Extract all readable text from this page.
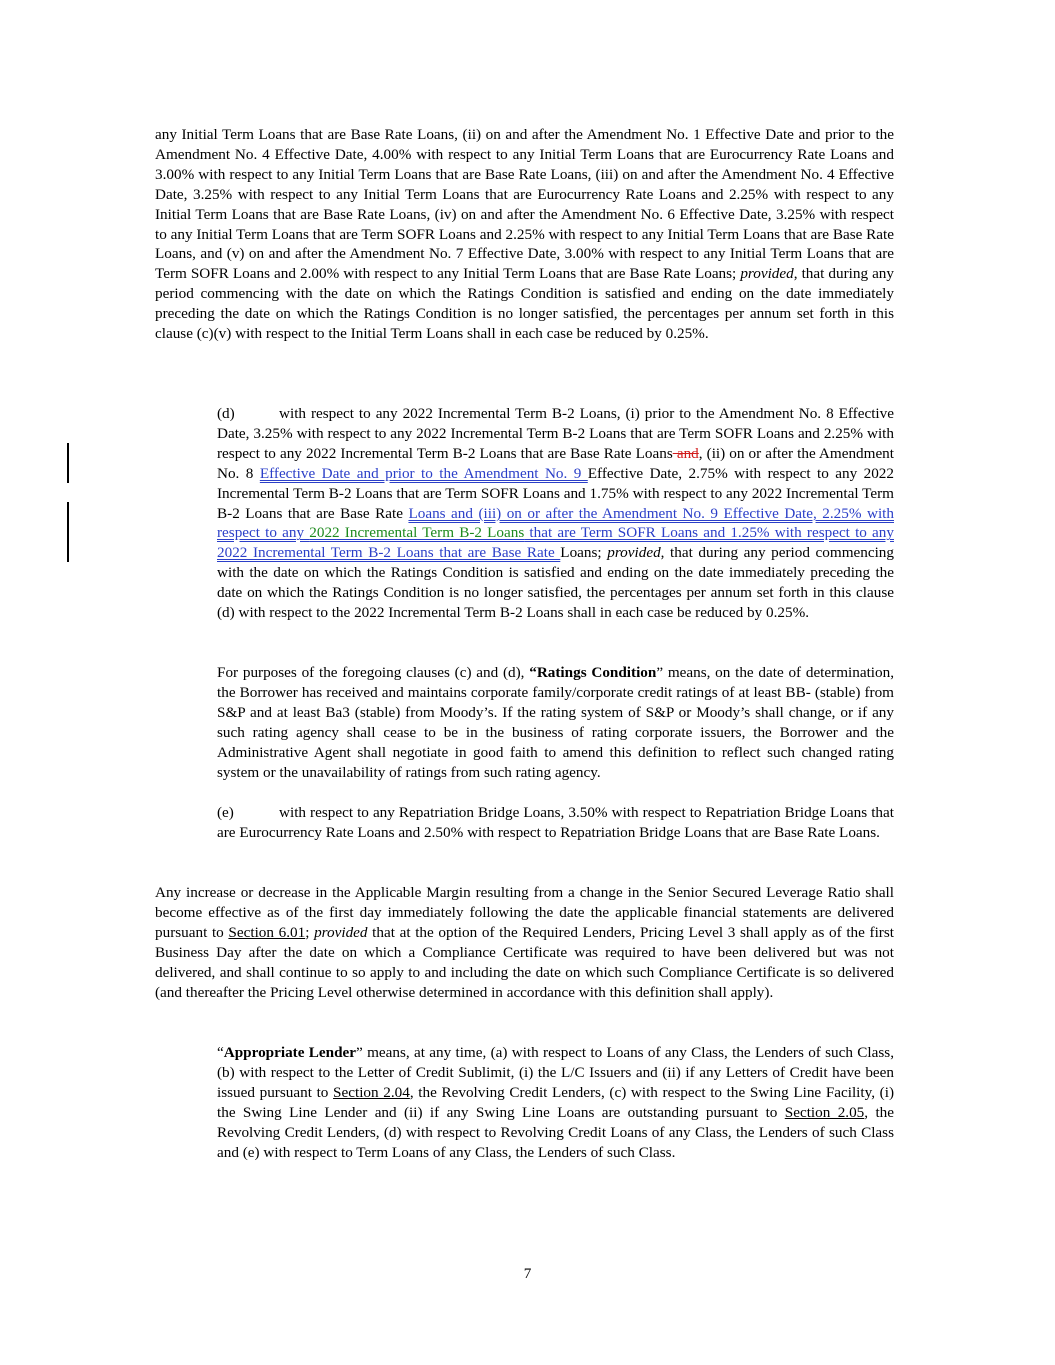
any Initial Term Loans that are Base Rate Loans, (ii) on and after the Amendment No. 1 Effective Date and prior to the Amendment No. 4 Effective Date, 4.00% with respect to any Initial Term Loans that are Eurocurrency Rate Loans and 3.00% with respect to any Initial Term Loans that are Base Rate Loans, (iii) on and after the Amendment No. 4 Effective Date, 3.25% with respect to any Initial Term Loans that are Eurocurrency Rate Loans and 2.25% with respect to any Initial Term Loans that are Base Rate Loans, (iv) on and after the Amendment No. 6 Effective Date, 3.25% with respect to any Initial Term Loans that are Term SOFR Loans and 2.25% with respect to any Initial Term Loans that are Base Rate Loans, and (v) on and after the Amendment No. 7 Effective Date, 3.00% with respect to any Initial Term Loans that are Term SOFR Loans and 2.00% with respect to any Initial Term Loans that are Base Rate Loans; provided, that during any period commencing with the date on which the Ratings Condition is satisfied and ending on the date immediately preceding the date on which the Ratings Condition is no longer satisfied, the percentages per annum set forth in this clause (c)(v) with respect to the Initial Term Loans shall in each case be reduced by 0.25%.

(d)	with respect to any 2022 Incremental Term B-2 Loans, (i) prior to the Amendment No. 8 Effective Date, 3.25% with respect to any 2022 Incremental Term B-2 Loans that are Term SOFR Loans and 2.25% with respect to any 2022 Incremental Term B-2 Loans that are Base Rate Loans and, (ii) on or after the Amendment No. 8 Effective Date and prior to the Amendment No. 9 Effective Date, 2.75% with respect to any 2022 Incremental Term B-2 Loans that are Term SOFR Loans and 1.75% with respect to any 2022 Incremental Term B-2 Loans that are Base Rate Loans and (iii) on or after the Amendment No. 9 Effective Date, 2.25% with respect to any 2022 Incremental Term B-2 Loans that are Term SOFR Loans and 1.25% with respect to any 2022 Incremental Term B-2 Loans that are Base Rate Loans; provided, that during any period commencing with the date on which the Ratings Condition is satisfied and ending on the date immediately preceding the date on which the Ratings Condition is no longer satisfied, the percentages per annum set forth in this clause (d) with respect to the 2022 Incremental Term B-2 Loans shall in each case be reduced by 0.25%.

For purposes of the foregoing clauses (c) and (d), “Ratings Condition” means, on the date of determination, the Borrower has received and maintains corporate family/corporate credit ratings of at least BB- (stable) from S&P and at least Ba3 (stable) from Moody’s. If the rating system of S&P or Moody’s shall change, or if any such rating agency shall cease to be in the business of rating corporate issuers, the Borrower and the Administrative Agent shall negotiate in good faith to amend this definition to reflect such changed rating system or the unavailability of ratings from such rating agency.

(e)	with respect to any Repatriation Bridge Loans, 3.50% with respect to Repatriation Bridge Loans that are Eurocurrency Rate Loans and 2.50% with respect to Repatriation Bridge Loans that are Base Rate Loans.

Any increase or decrease in the Applicable Margin resulting from a change in the Senior Secured Leverage Ratio shall become effective as of the first day immediately following the date the applicable financial statements are delivered pursuant to Section 6.01; provided that at the option of the Required Lenders, Pricing Level 3 shall apply as of the first Business Day after the date on which a Compliance Certificate was required to have been delivered but was not delivered, and shall continue to so apply to and including the date on which such Compliance Certificate is so delivered (and thereafter the Pricing Level otherwise determined in accordance with this definition shall apply).

“Appropriate Lender” means, at any time, (a) with respect to Loans of any Class, the Lenders of such Class, (b) with respect to the Letter of Credit Sublimit, (i) the L/C Issuers and (ii) if any Letters of Credit have been issued pursuant to Section 2.04, the Revolving Credit Lenders, (c) with respect to the Swing Line Facility, (i) the Swing Line Lender and (ii) if any Swing Line Loans are outstanding pursuant to Section 2.05, the Revolving Credit Lenders, (d) with respect to Revolving Credit Loans of any Class, the Lenders of such Class and (e) with respect to Term Loans of any Class, the Lenders of such Class.

7
